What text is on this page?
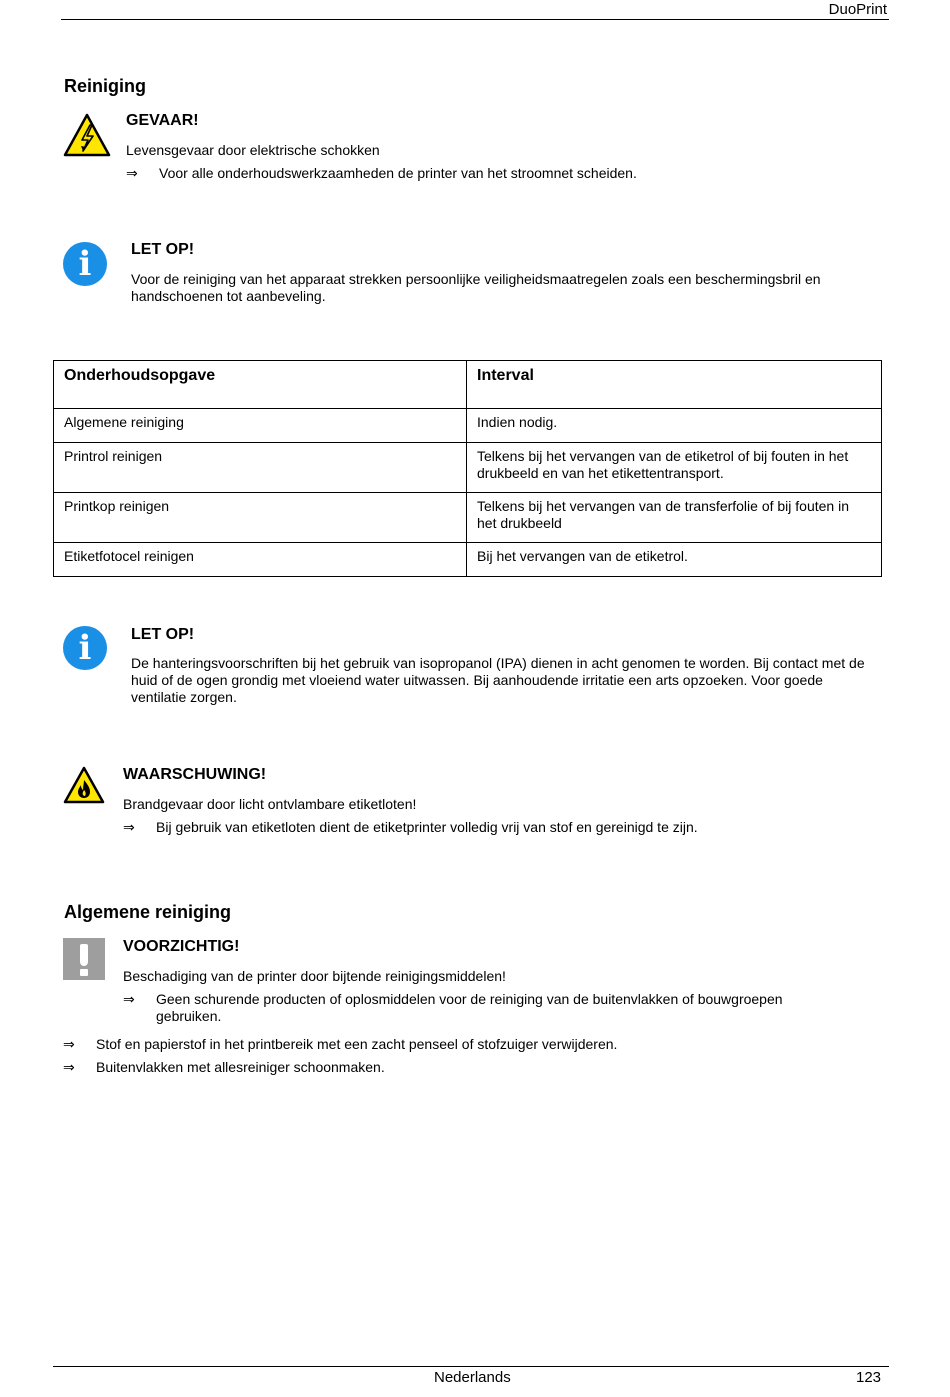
DuoPrint
Reiniging
GEVAAR!
Levensgevaar door elektrische schokken
⇒ Voor alle onderhoudswerkzaamheden de printer van het stroomnet scheiden.
i	LET OP!
Voor de reiniging van het apparaat strekken persoonlijke veiligheidsmaatregelen zoals een beschermingsbril en handschoenen tot aanbeveling.
Onderhoudsopgave	Interval
Algemene reiniging	Indien nodig.
Printrol reinigen	Telkens bij het vervangen van de etiketrol of bij fouten in het drukbeeld en van het etikettentransport.
Printkop reinigen	Telkens bij het vervangen van de transferfolie of bij fouten in het drukbeeld
Etiketfotocel reinigen	Bij het vervangen van de etiketrol.
i	LET OP!
De hanteringsvoorschriften bij het gebruik van isopropanol (IPA) dienen in acht genomen te worden. Bij contact met de huid of de ogen grondig met vloeiend water uitwassen. Bij aanhoudende irritatie een arts opzoeken. Voor goede ventilatie zorgen.
WAARSCHUWING!
Brandgevaar door licht ontvlambare etiketloten!
⇒ Bij gebruik van etiketloten dient de etiketprinter volledig vrij van stof en gereinigd te zijn.
Algemene reiniging
VOORZICHTIG!
Beschadiging van de printer door bijtende reinigingsmiddelen!
⇒ Geen schurende producten of oplosmiddelen voor de reiniging van de buitenvlakken of bouwgroepen gebruiken.
⇒ Stof en papierstof in het printbereik met een zacht penseel of stofzuiger verwijderen.
⇒ Buitenvlakken met allesreiniger schoonmaken.
Nederlands	123
